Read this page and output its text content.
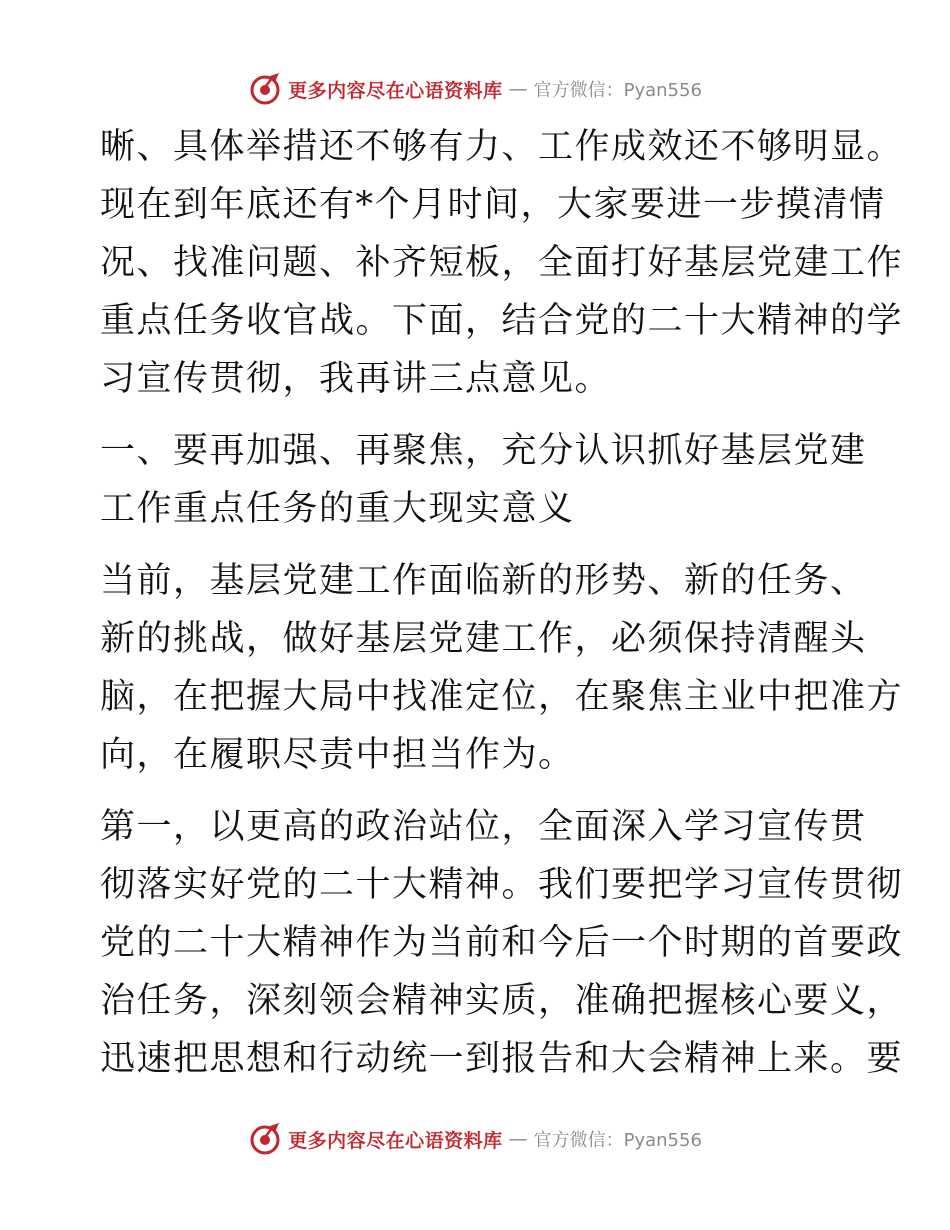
更多内容尽在心语资料库 — 官方微信：Pyan556
晰、具体举措还不够有力、工作成效还不够明显。
现在到年底还有*个月时间，大家要进一步摸清情
况、找准问题、补齐短板，全面打好基层党建工作
重点任务收官战。下面，结合党的二十大精神的学
习宣传贯彻，我再讲三点意见。
一、要再加强、再聚焦，充分认识抓好基层党建
工作重点任务的重大现实意义
当前，基层党建工作面临新的形势、新的任务、
新的挑战，做好基层党建工作，必须保持清醒头
脑，在把握大局中找准定位，在聚焦主业中把准方
向，在履职尽责中担当作为。
第一，以更高的政治站位，全面深入学习宣传贯
彻落实好党的二十大精神。我们要把学习宣传贯彻
党的二十大精神作为当前和今后一个时期的首要政
治任务，深刻领会精神实质，准确把握核心要义，
迅速把思想和行动统一到报告和大会精神上来。要
更多内容尽在心语资料库 — 官方微信：Pyan556
